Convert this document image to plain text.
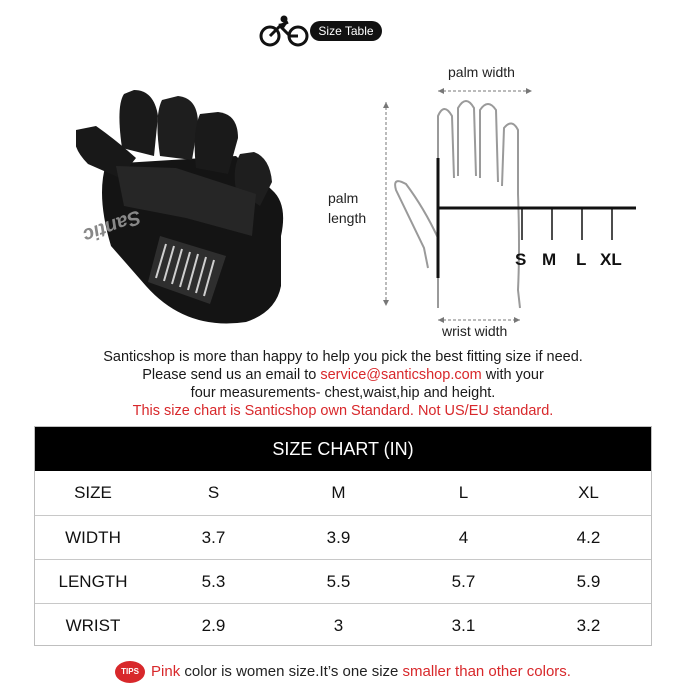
Size Table
Santic
palm width
palm
length
wrist width
S M L XL
Santicshop is more than happy to help you pick the best fitting size if need.
Please send us an email to service@santicshop.com with your
four measurements- chest,waist,hip and height.
This size chart is Santicshop own Standard. Not US/EU standard.
SIZE CHART (IN)
SIZE	S	M	L	XL
WIDTH	3.7	3.9	4	4.2
LENGTH	5.3	5.5	5.7	5.9
WRIST	2.9	3	3.1	3.2
TIPS Pink color is women size.It’s one size smaller than other colors.
